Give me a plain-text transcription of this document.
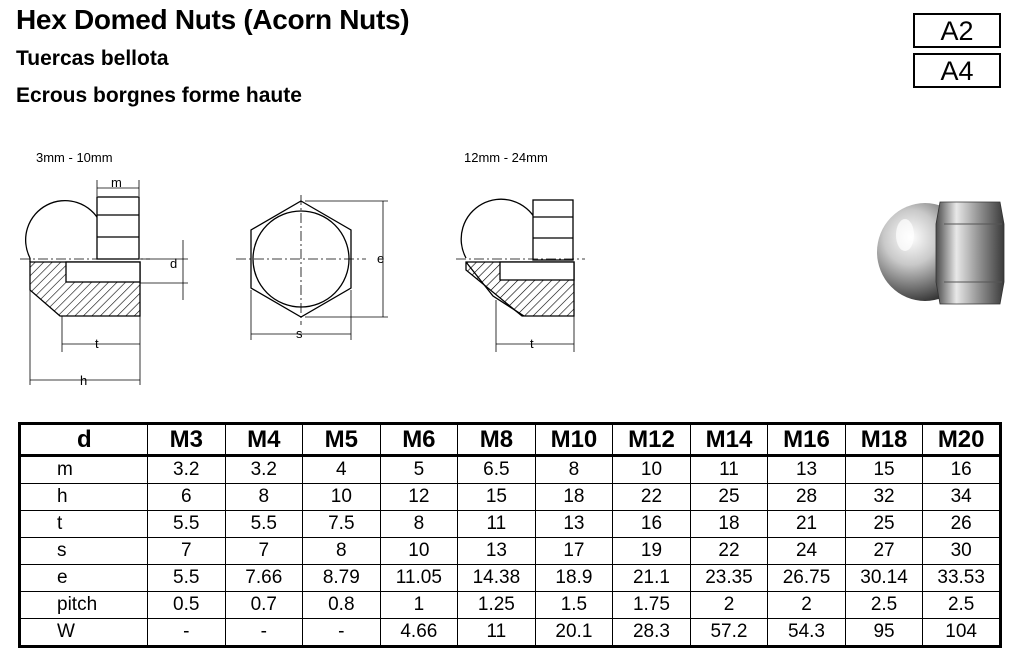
Hex Domed Nuts (Acorn Nuts)
Tuercas bellota
Ecrous borgnes forme haute
A2
A4
3mm - 10mm	12mm - 24mm
m
d
t
h
e
s
t
d	M3	M4	M5	M6	M8	M10	M12	M14	M16	M18	M20
m	3.2	3.2	4	5	6.5	8	10	11	13	15	16
h	6	8	10	12	15	18	22	25	28	32	34
t	5.5	5.5	7.5	8	11	13	16	18	21	25	26
s	7	7	8	10	13	17	19	22	24	27	30
e	5.5	7.66	8.79	11.05	14.38	18.9	21.1	23.35	26.75	30.14	33.53
pitch	0.5	0.7	0.8	1	1.25	1.5	1.75	2	2	2.5	2.5
W	-	-	-	4.66	11	20.1	28.3	57.2	54.3	95	104
